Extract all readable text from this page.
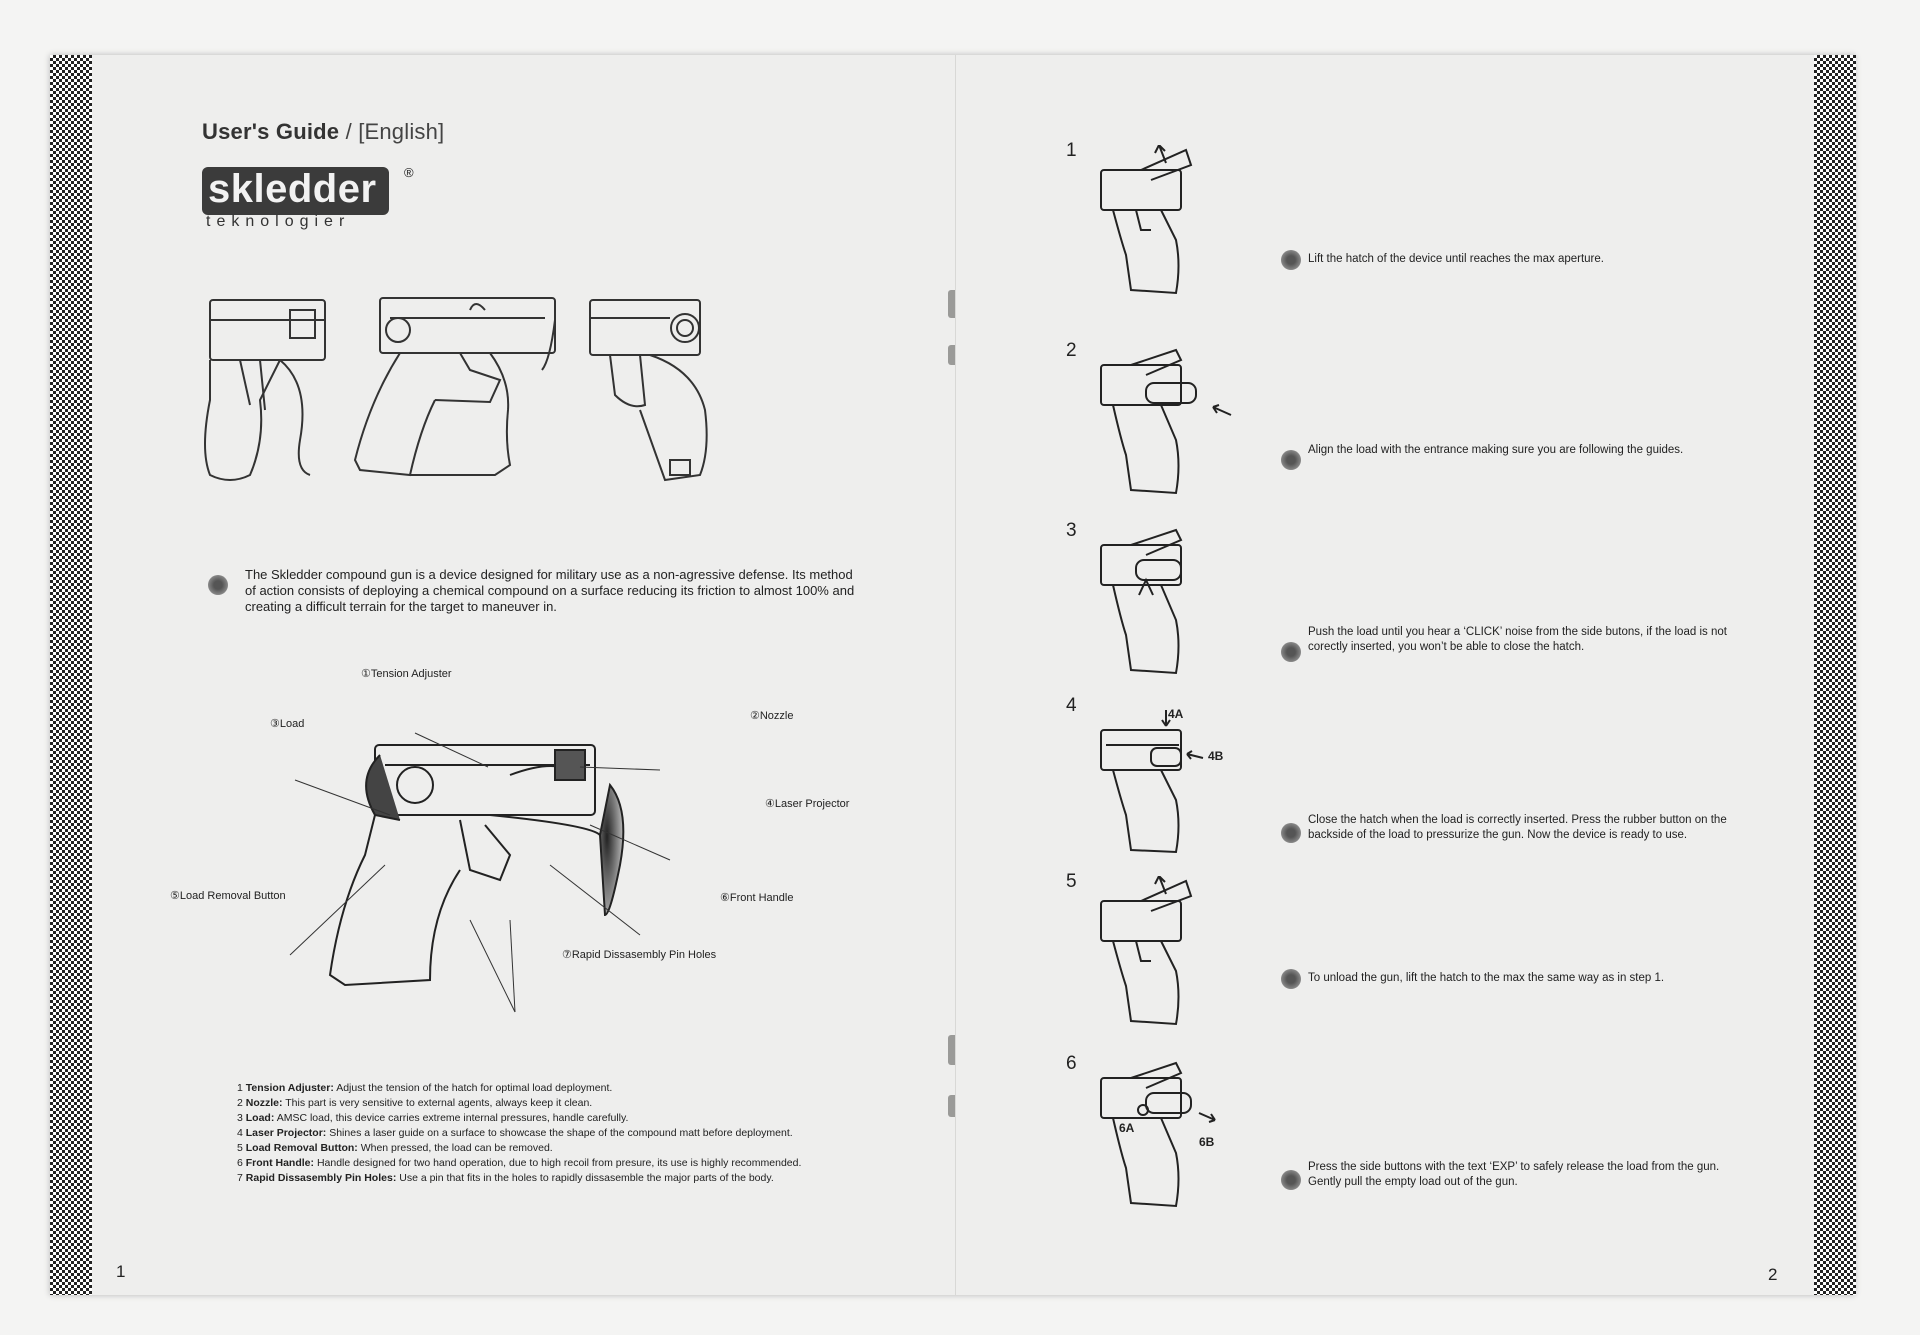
User's Guide / [English]
skledder ®
teknologier
The Skledder compound gun is a device designed for military use as a non-agressive defense. Its method of action consists of deploying a chemical compound on a surface reducing its friction to almost 100% and creating a difficult terrain for the target to maneuver in.
①Tension Adjuster
③Load
②Nozzle
④Laser Projector
⑤Load Removal Button	⑥Front Handle
⑦Rapid Dissasembly Pin Holes
1 Tension Adjuster: Adjust the tension of the hatch for optimal load deployment.
2 Nozzle: This part is very sensitive to external agents, always keep it clean.
3 Load: AMSC load, this device carries extreme internal pressures, handle carefully.
4 Laser Projector: Shines a laser guide on a surface to showcase the shape of the compound matt before deployment.
5 Load Removal Button: When pressed, the load can be removed.
6 Front Handle: Handle designed for two hand operation, due to high recoil from presure, its use is highly recommended.
7 Rapid Dissasembly Pin Holes: Use a pin that fits in the holes to rapidly dissasemble the major parts of the body.
1
1
Lift the hatch of the device until reaches the max aperture.
2
Align the load with the entrance making sure you are following the guides.
3
Push the load until you hear a ‘CLICK’ noise from the side butons, if the load is not corectly inserted, you won’t be able to close the hatch.
4	4A
4B
Close the hatch when the load is correctly inserted. Press the rubber button on the backside of the load to pressurize the gun. Now the device is ready to use.
5
To unload the gun, lift the hatch to the max the same way as in step 1.
6
6A
6B
Press the side buttons with the text ‘EXP’ to safely release the load from the gun. Gently pull the empty load out of the gun.
2
